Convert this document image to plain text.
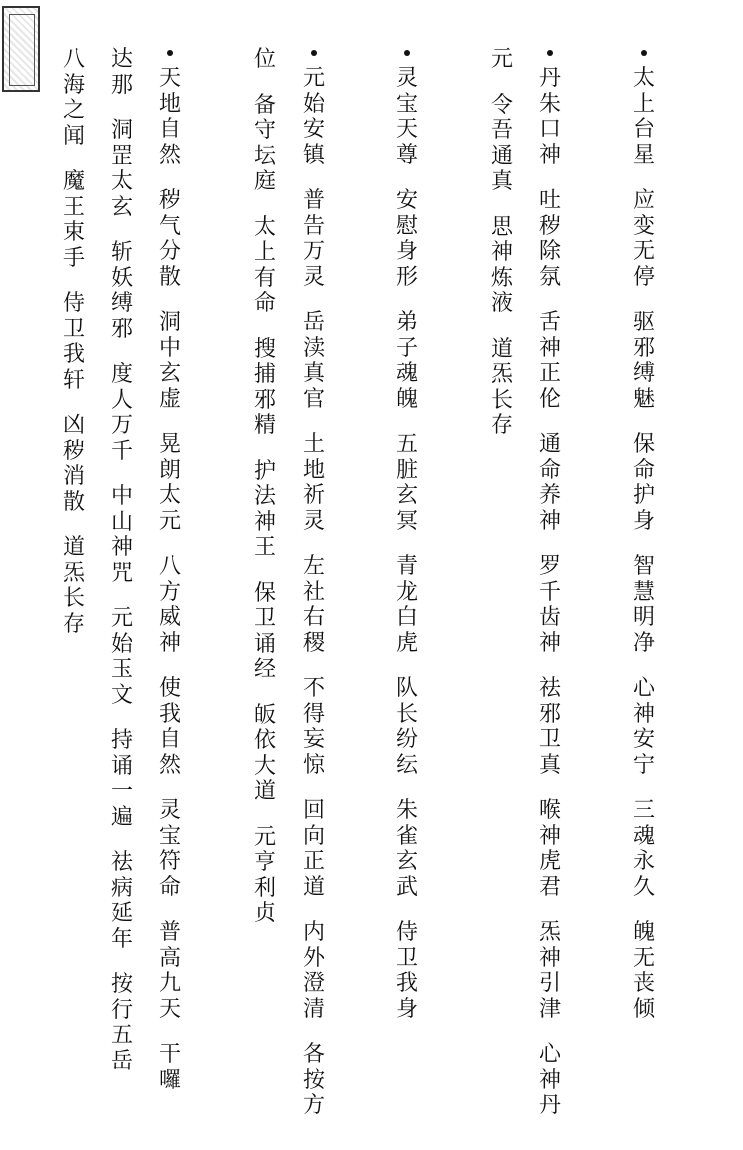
太
上
台
星
应
变
无
停
驱
邪
缚
魅
保
命
护
身
智
慧
明
净
心
神
安
宁
三
魂
永
久
魄
无
丧
倾
丹
朱
口
神
吐
秽
除
氛
舌
神
正
伦
通
命
养
神
罗
千
齿
神
祛
邪
卫
真
喉
神
虎
君
炁
神
引
津
心
神
丹
元
令
吾
通
真
思
神
炼
液
道
炁
长
存
灵
宝
天
尊
安
慰
身
形
弟
子
魂
魄
五
脏
玄
冥
青
龙
白
虎
队
长
纷
纭
朱
雀
玄
武
侍
卫
我
身
元
始
安
镇
普
告
万
灵
岳
渎
真
官
土
地
祈
灵
左
社
右
稷
不
得
妄
惊
回
向
正
道
内
外
澄
清
各
按
方
位
备
守
坛
庭
太
上
有
命
搜
捕
邪
精
护
法
神
王
保
卫
诵
经
皈
依
大
道
元
亨
利
贞
天
地
自
然
秽
气
分
散
洞
中
玄
虚
晃
朗
太
元
八
方
威
神
使
我
自
然
灵
宝
符
命
普
高
九
天
干
囉
达
那
洞
罡
太
玄
斩
妖
缚
邪
度
人
万
千
中
山
神
咒
元
始
玉
文
持
诵
一
遍
祛
病
延
年
按
行
五
岳
八
海
之
闻
魔
王
束
手
侍
卫
我
轩
凶
秽
消
散
道
炁
长
存
